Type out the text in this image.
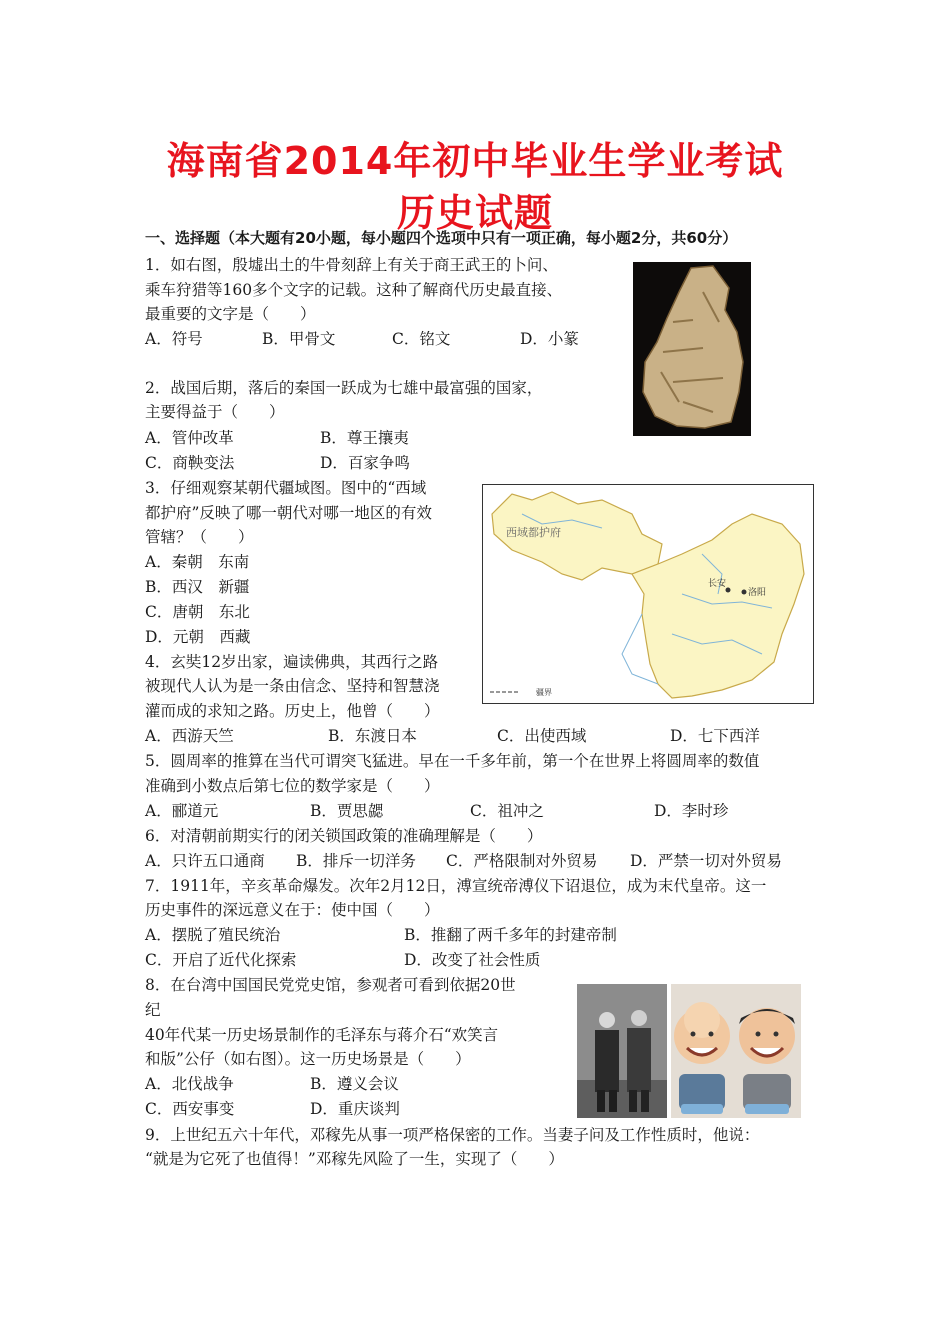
海南省2014年初中毕业生学业考试
历史试题
一、选择题（本大题有20小题，每小题四个选项中只有一项正确，每小题2分，共60分）
1．如右图，殷墟出土的牛骨刻辞上有关于商王武王的卜问、
乘车狩猎等160多个文字的记载。这种了解商代历史最直接、
最重要的文字是（　　）
A．符号	B．甲骨文	C．铭文	D．小篆
2．战国后期，落后的秦国一跃成为七雄中最富强的国家，
主要得益于（　　）
A．管仲改革	B．尊王攘夷
C．商鞅变法	D．百家争鸣
3．仔细观察某朝代疆域图。图中的“西域
都护府”反映了哪一朝代对哪一地区的有效
管辖？（　　）
A．秦朝　东南
B．西汉　新疆
C．唐朝　东北
D．元朝　西藏
西域都护府
长安
洛阳
疆界
4．玄奘12岁出家，遍读佛典，其西行之路
被现代人认为是一条由信念、坚持和智慧浇
灌而成的求知之路。历史上，他曾（　　）
A．西游天竺	B．东渡日本	C．出使西域	D．七下西洋
5．圆周率的推算在当代可谓突飞猛进。早在一千多年前，第一个在世界上将圆周率的数值
准确到小数点后第七位的数学家是（　　）
A．郦道元	B．贾思勰	C．祖冲之	D．李时珍
6．对清朝前期实行的闭关锁国政策的准确理解是（　　）
A．只许五口通商 B．排斥一切洋务 C．严格限制对外贸易 D．严禁一切对外贸易
7．1911年，辛亥革命爆发。次年2月12日，溥宣统帝溥仪下诏退位，成为末代皇帝。这一
历史事件的深远意义在于：使中国（　　）
A．摆脱了殖民统治	B．推翻了两千多年的封建帝制
C．开启了近代化探索	D．改变了社会性质
8．在台湾中国国民党党史馆，参观者可看到依据20世
纪
40年代某一历史场景制作的毛泽东与蒋介石“欢笑言
和版”公仔（如右图）。这一历史场景是（　　）
A．北伐战争	B．遵义会议
C．西安事变	D．重庆谈判
9．上世纪五六十年代，邓稼先从事一项严格保密的工作。当妻子问及工作性质时，他说：
“就是为它死了也值得！”邓稼先风险了一生，实现了（　　）
